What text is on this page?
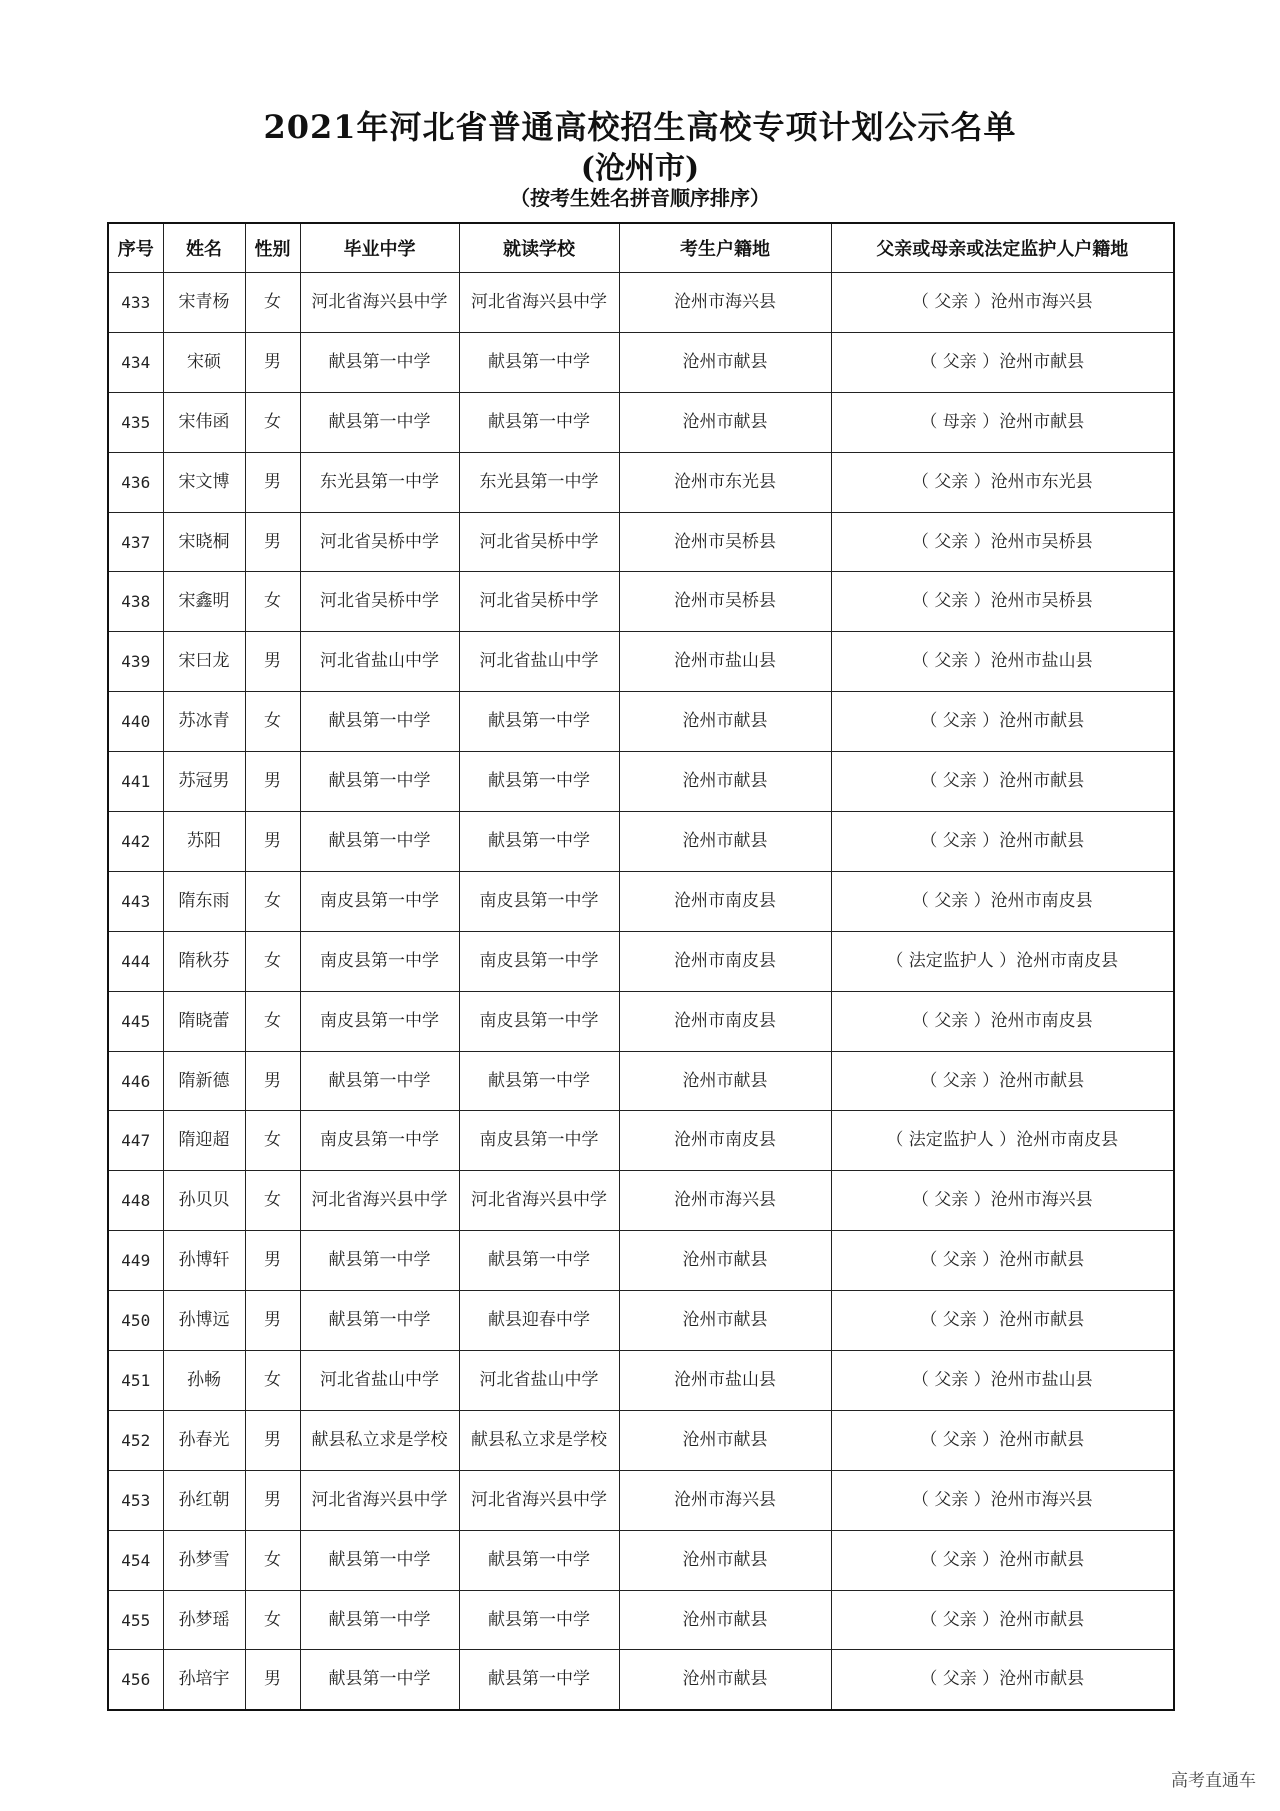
2021年河北省普通高校招生高校专项计划公示名单
(沧州市)
（按考生姓名拼音顺序排序）
序号	姓名	性别	毕业中学	就读学校	考生户籍地	父亲或母亲或法定监护人户籍地
433	宋青杨	女	河北省海兴县中学	河北省海兴县中学	沧州市海兴县	（ 父亲 ）沧州市海兴县
434	宋硕	男	献县第一中学	献县第一中学	沧州市献县	（ 父亲 ）沧州市献县
435	宋伟函	女	献县第一中学	献县第一中学	沧州市献县	（ 母亲 ）沧州市献县
436	宋文博	男	东光县第一中学	东光县第一中学	沧州市东光县	（ 父亲 ）沧州市东光县
437	宋晓桐	男	河北省吴桥中学	河北省吴桥中学	沧州市吴桥县	（ 父亲 ）沧州市吴桥县
438	宋鑫明	女	河北省吴桥中学	河北省吴桥中学	沧州市吴桥县	（ 父亲 ）沧州市吴桥县
439	宋曰龙	男	河北省盐山中学	河北省盐山中学	沧州市盐山县	（ 父亲 ）沧州市盐山县
440	苏冰青	女	献县第一中学	献县第一中学	沧州市献县	（ 父亲 ）沧州市献县
441	苏冠男	男	献县第一中学	献县第一中学	沧州市献县	（ 父亲 ）沧州市献县
442	苏阳	男	献县第一中学	献县第一中学	沧州市献县	（ 父亲 ）沧州市献县
443	隋东雨	女	南皮县第一中学	南皮县第一中学	沧州市南皮县	（ 父亲 ）沧州市南皮县
444	隋秋芬	女	南皮县第一中学	南皮县第一中学	沧州市南皮县	（ 法定监护人 ）沧州市南皮县
445	隋晓蕾	女	南皮县第一中学	南皮县第一中学	沧州市南皮县	（ 父亲 ）沧州市南皮县
446	隋新德	男	献县第一中学	献县第一中学	沧州市献县	（ 父亲 ）沧州市献县
447	隋迎超	女	南皮县第一中学	南皮县第一中学	沧州市南皮县	（ 法定监护人 ）沧州市南皮县
448	孙贝贝	女	河北省海兴县中学	河北省海兴县中学	沧州市海兴县	（ 父亲 ）沧州市海兴县
449	孙博轩	男	献县第一中学	献县第一中学	沧州市献县	（ 父亲 ）沧州市献县
450	孙博远	男	献县第一中学	献县迎春中学	沧州市献县	（ 父亲 ）沧州市献县
451	孙畅	女	河北省盐山中学	河北省盐山中学	沧州市盐山县	（ 父亲 ）沧州市盐山县
452	孙春光	男	献县私立求是学校	献县私立求是学校	沧州市献县	（ 父亲 ）沧州市献县
453	孙红朝	男	河北省海兴县中学	河北省海兴县中学	沧州市海兴县	（ 父亲 ）沧州市海兴县
454	孙梦雪	女	献县第一中学	献县第一中学	沧州市献县	（ 父亲 ）沧州市献县
455	孙梦瑶	女	献县第一中学	献县第一中学	沧州市献县	（ 父亲 ）沧州市献县
456	孙培宇	男	献县第一中学	献县第一中学	沧州市献县	（ 父亲 ）沧州市献县
高考直通车
